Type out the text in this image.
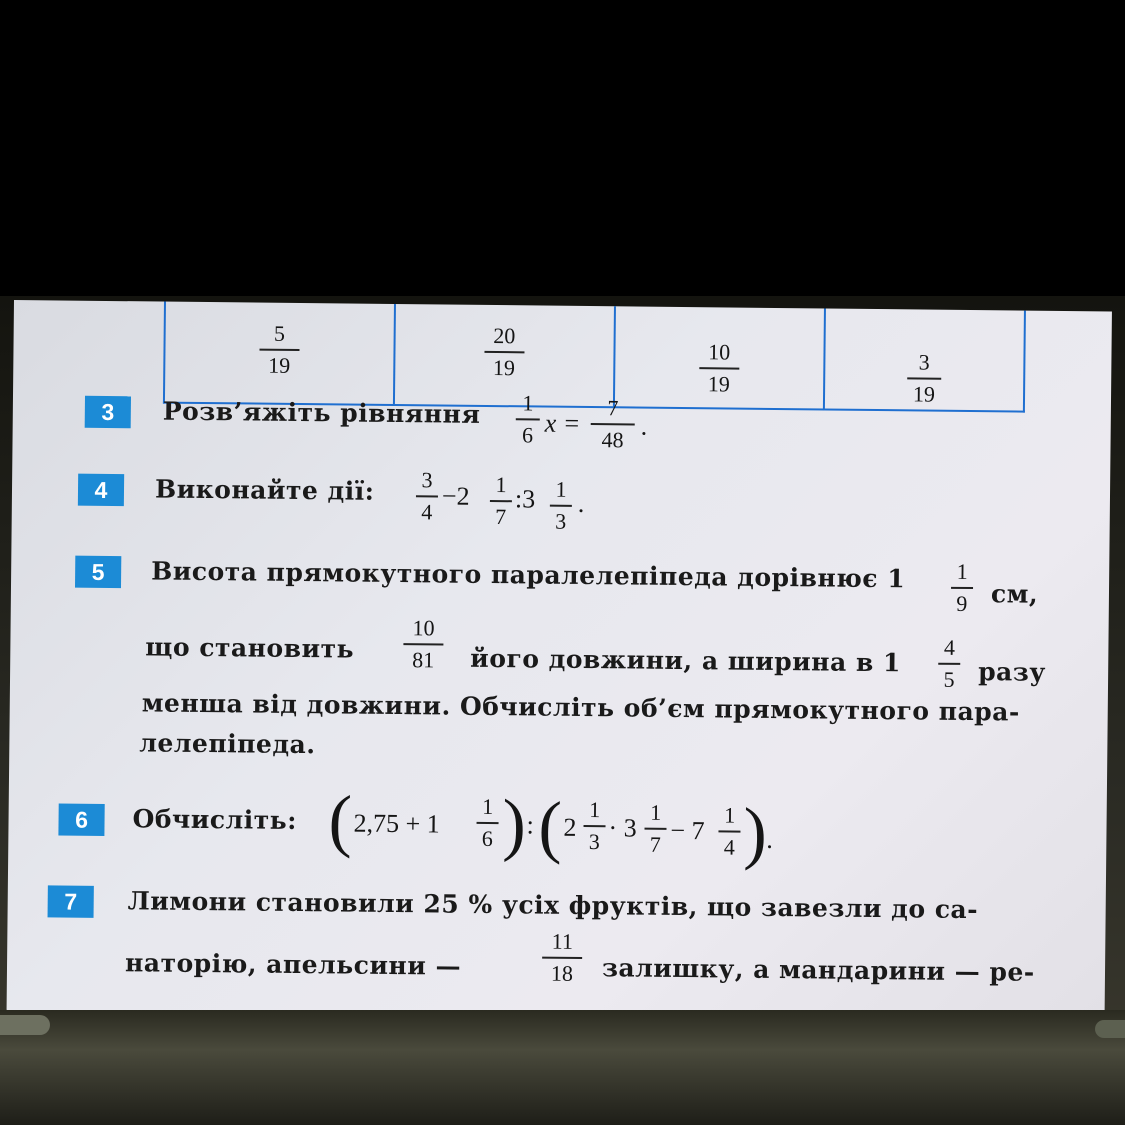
$\frac{5}{19}$	$\frac{20}{19}$	$\frac{10}{19}$	$\frac{3}{19}$
3	Розв’яжіть рівняння 1
6 x =
7
48 .
4	Виконайте дії: 3
4
−2 1
7
:3 1
3
.
5	Висота прямокутного паралелепіпеда дорівнює 1 1
9 см,
що становить
10
81	його довжини, а ширина в 1 4
5 разу
менша від довжини. Обчисліть об’єм прямокутного пара-
лелепіпеда.
6	Обчисліть: ( 2,75 + 1
1
6 ) : ( 2
1
3 · 3
1
7 − 7
1
4 ) .
7	Лимони становили 25 % усіх фруктів, що завезли до са-
наторію, апельсини —
11
18	залишку, а мандарини — ре-
